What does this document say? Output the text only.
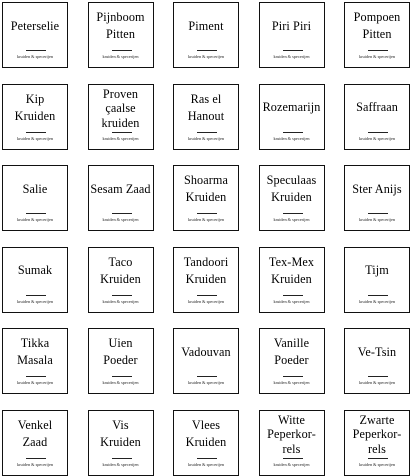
Peterselie
kruiden & specerijen
Pijnboom
Pitten
kruiden & specerijen
Piment
kruiden & specerijen
Piri Piri
kruiden & specerijen
Pompoen
Pitten
kruiden & specerijen
Kip
Kruiden
kruiden & specerijen
Proven
çaalse
kruiden
kruiden & specerijen
Ras el
Hanout
kruiden & specerijen
Rozemarijn
kruiden & specerijen
Saffraan
kruiden & specerijen
Salie
kruiden & specerijen
Sesam Zaad
kruiden & specerijen
Shoarma
Kruiden
kruiden & specerijen
Speculaas
Kruiden
kruiden & specerijen
Ster Anijs
kruiden & specerijen
Sumak
kruiden & specerijen
Taco
Kruiden
kruiden & specerijen
Tandoori
Kruiden
kruiden & specerijen
Tex-Mex
Kruiden
kruiden & specerijen
Tijm
kruiden & specerijen
Tikka
Masala
kruiden & specerijen
Uien
Poeder
kruiden & specerijen
Vadouvan
kruiden & specerijen
Vanille
Poeder
kruiden & specerijen
Ve-Tsin
kruiden & specerijen
Venkel
Zaad
kruiden & specerijen
Vis
Kruiden
kruiden & specerijen
Vlees
Kruiden
kruiden & specerijen
Witte
Peperkor-
rels
kruiden & specerijen
Zwarte
Peperkor-
rels
kruiden & specerijen
